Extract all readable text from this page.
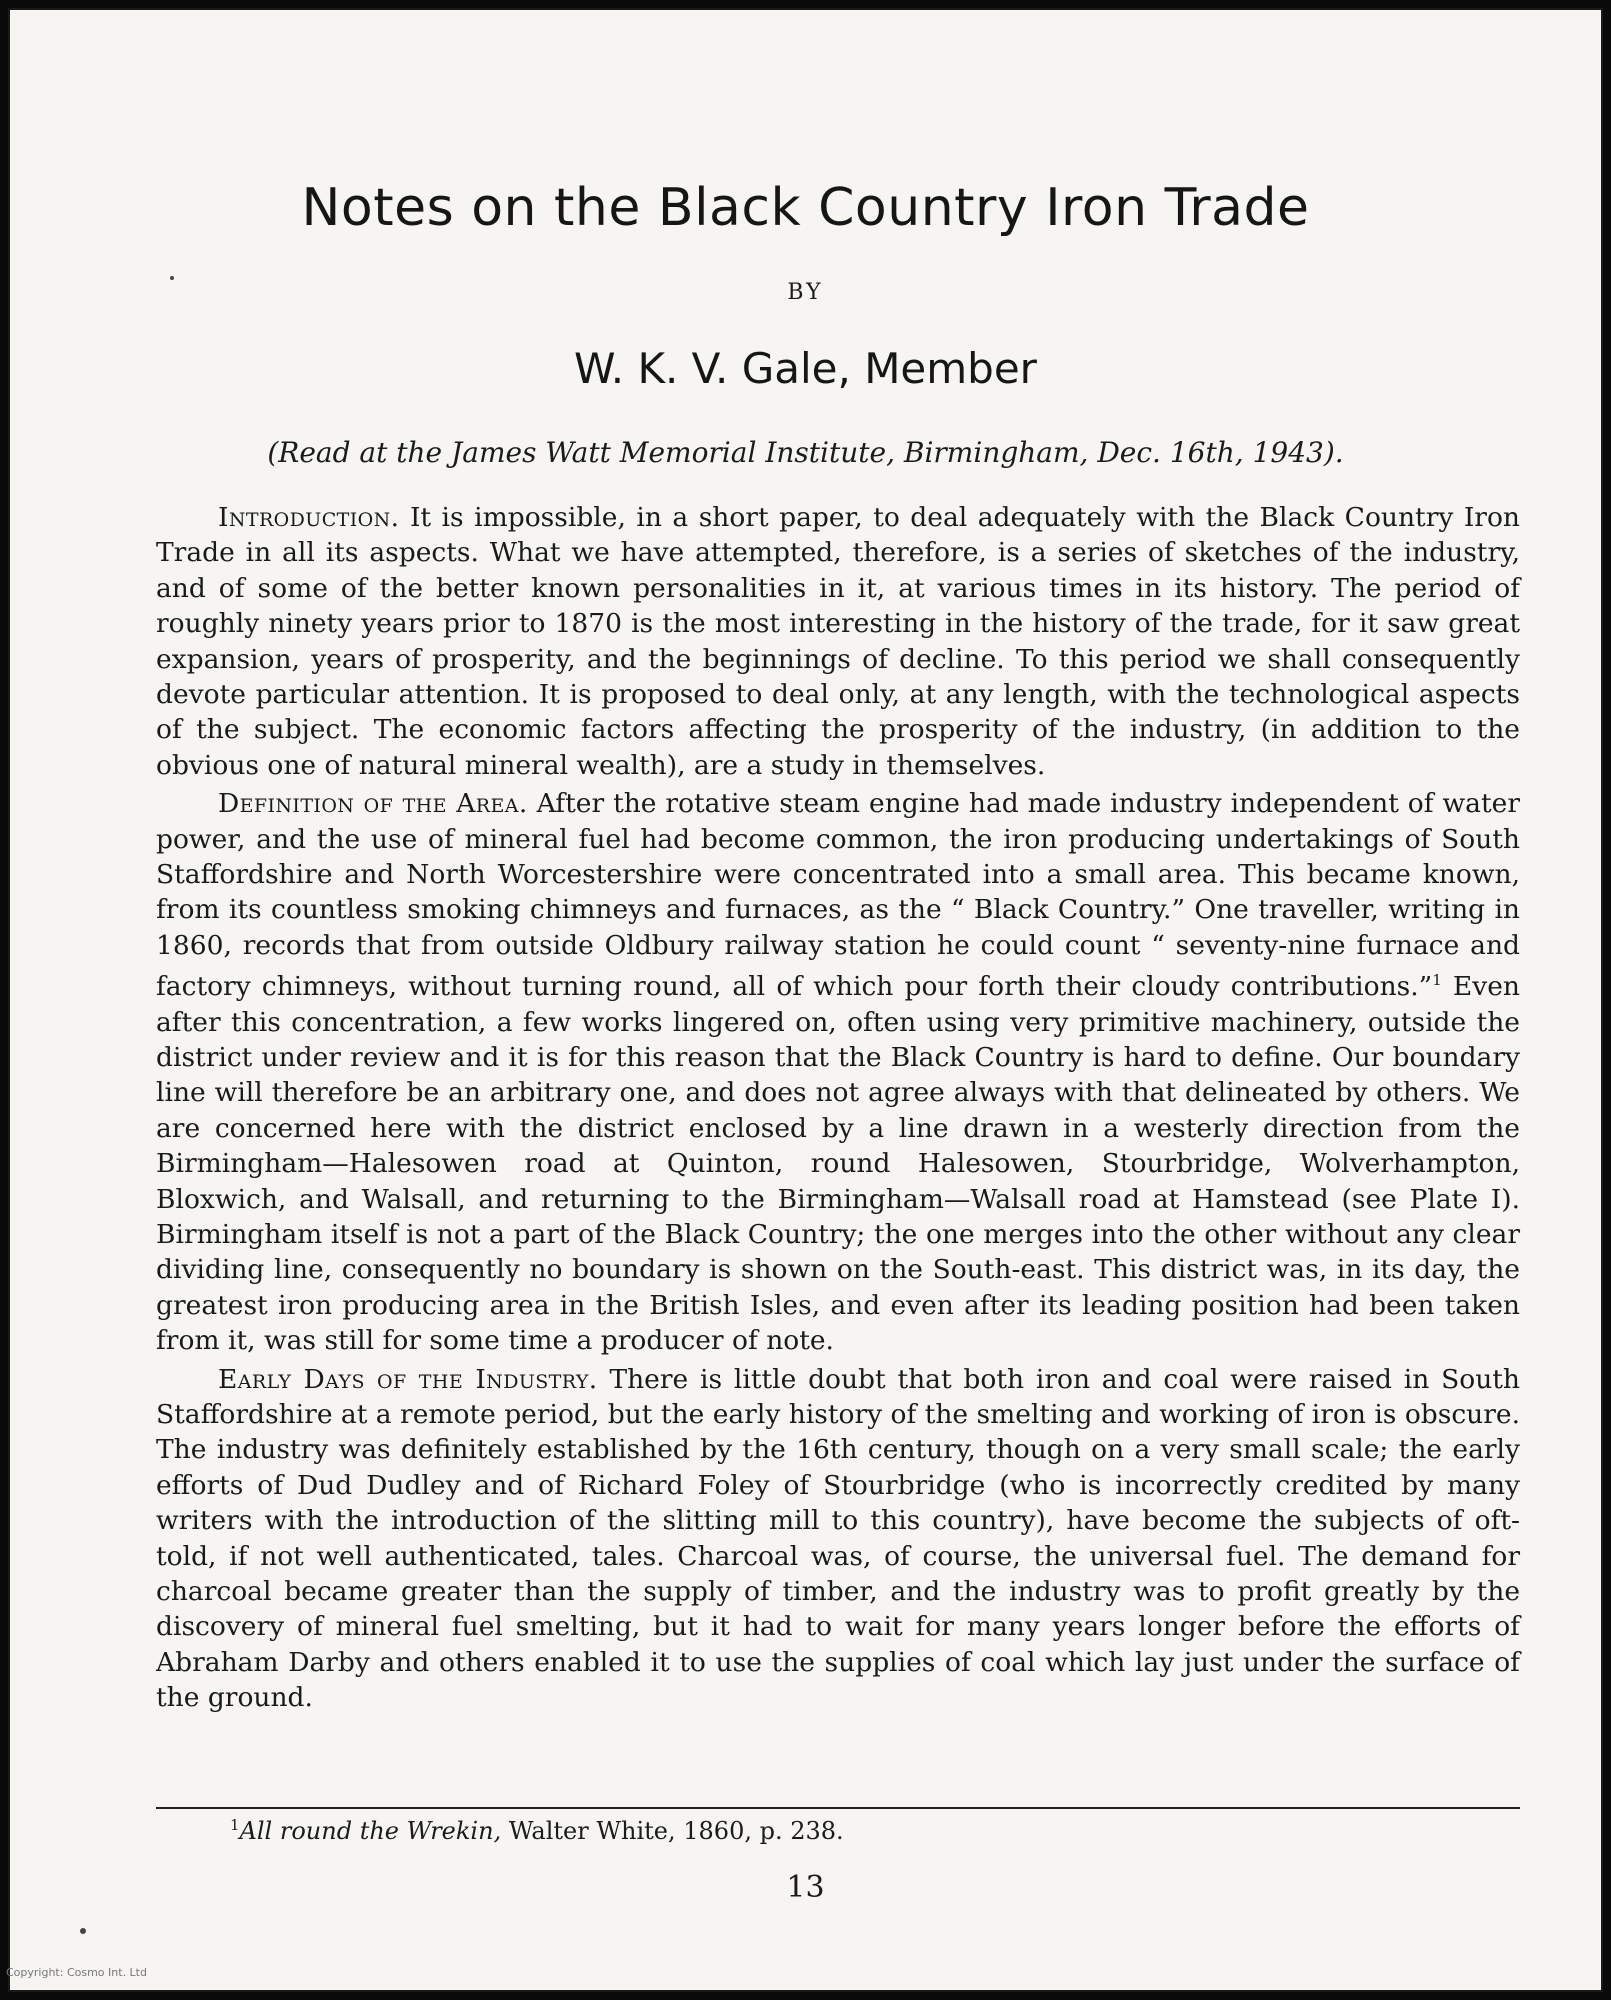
Notes on the Black Country Iron Trade
BY
W. K. V. Gale, Member
(Read at the James Watt Memorial Institute, Birmingham, Dec. 16th, 1943).

Introduction. It is impossible, in a short paper, to deal adequately with the Black Country Iron Trade in all its aspects. What we have attempted, therefore, is a series of sketches of the industry, and of some of the better known personalities in it, at various times in its history. The period of roughly ninety years prior to 1870 is the most interesting in the history of the trade, for it saw great expansion, years of prosperity, and the beginnings of decline. To this period we shall consequently devote particular attention. It is proposed to deal only, at any length, with the technological aspects of the subject. The economic factors affecting the prosperity of the industry, (in addition to the obvious one of natural mineral wealth), are a study in themselves.

Definition of the Area. After the rotative steam engine had made industry independent of water power, and the use of mineral fuel had become common, the iron producing undertakings of South Staffordshire and North Worcestershire were concentrated into a small area. This became known, from its countless smoking chimneys and furnaces, as the “ Black Country.” One traveller, writing in 1860, records that from outside Oldbury railway station he could count “ seventy-nine furnace and factory chimneys, without turning round, all of which pour forth their cloudy contributions.”$^1$ Even after this concentration, a few works lingered on, often using very primitive machinery, outside the district under review and it is for this reason that the Black Country is hard to define. Our boundary line will therefore be an arbitrary one, and does not agree always with that delineated by others. We are concerned here with the district enclosed by a line drawn in a westerly direction from the Birmingham—Halesowen road at Quinton, round Halesowen, Stourbridge, Wolverhampton, Bloxwich, and Walsall, and returning to the Birmingham—Walsall road at Hamstead (see Plate I). Birmingham itself is not a part of the Black Country; the one merges into the other without any clear dividing line, consequently no boundary is shown on the South-east. This district was, in its day, the greatest iron producing area in the British Isles, and even after its leading position had been taken from it, was still for some time a producer of note.

Early Days of the Industry. There is little doubt that both iron and coal were raised in South Staffordshire at a remote period, but the early history of the smelting and working of iron is obscure. The industry was definitely established by the 16th century, though on a very small scale; the early efforts of Dud Dudley and of Richard Foley of Stourbridge (who is incorrectly credited by many writers with the introduction of the slitting mill to this country), have become the subjects of oft-told, if not well authenticated, tales. Charcoal was, of course, the universal fuel. The demand for charcoal became greater than the supply of timber, and the industry was to profit greatly by the discovery of mineral fuel smelting, but it had to wait for many years longer before the efforts of Abraham Darby and others enabled it to use the supplies of coal which lay just under the surface of the ground.

$^1$All round the Wrekin, Walter White, 1860, p. 238.
13
Copyright: Cosmo Int. Ltd
